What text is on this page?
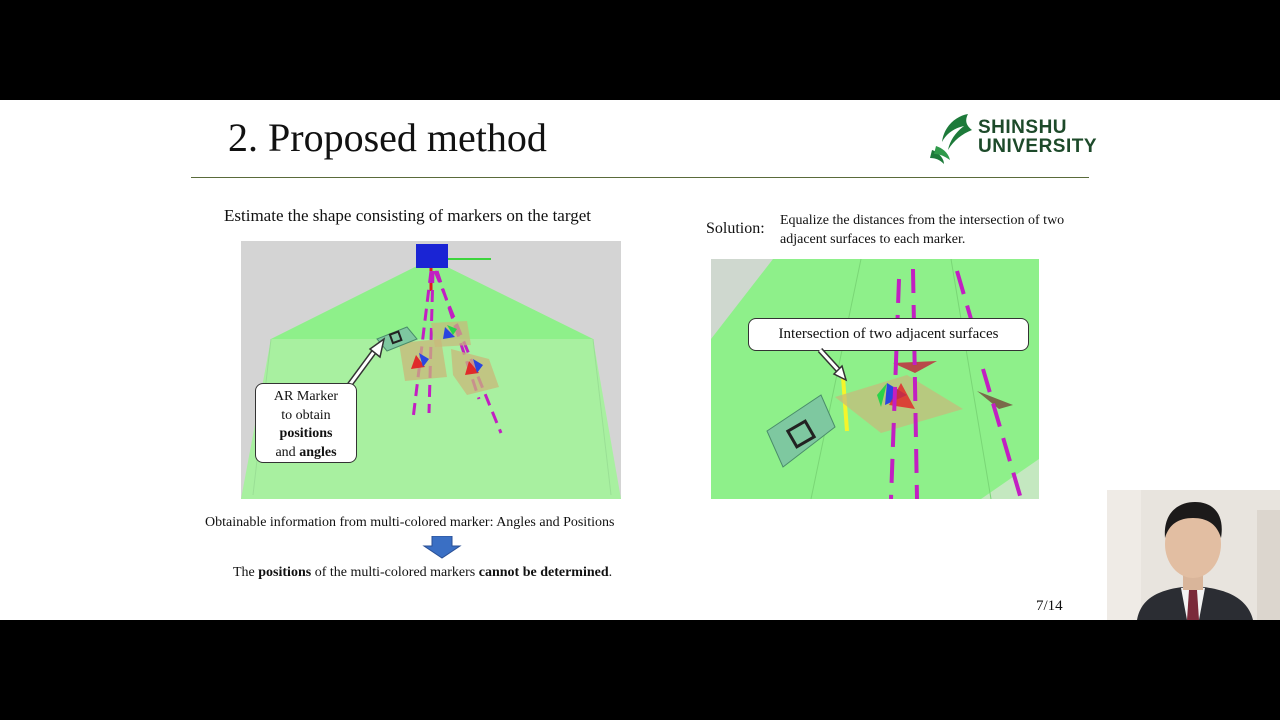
2. Proposed method	SHINSHU
UNIVERSITY
Estimate the shape consisting of markers on the target
Solution: Equalize the distances from the intersection of two adjacent surfaces to each marker.
AR Marker
to obtain
positions
and angles
Intersection of two adjacent surfaces
Obtainable information from multi-colored marker: Angles and Positions
The positions of the multi-colored markers cannot be determined.
7/14
